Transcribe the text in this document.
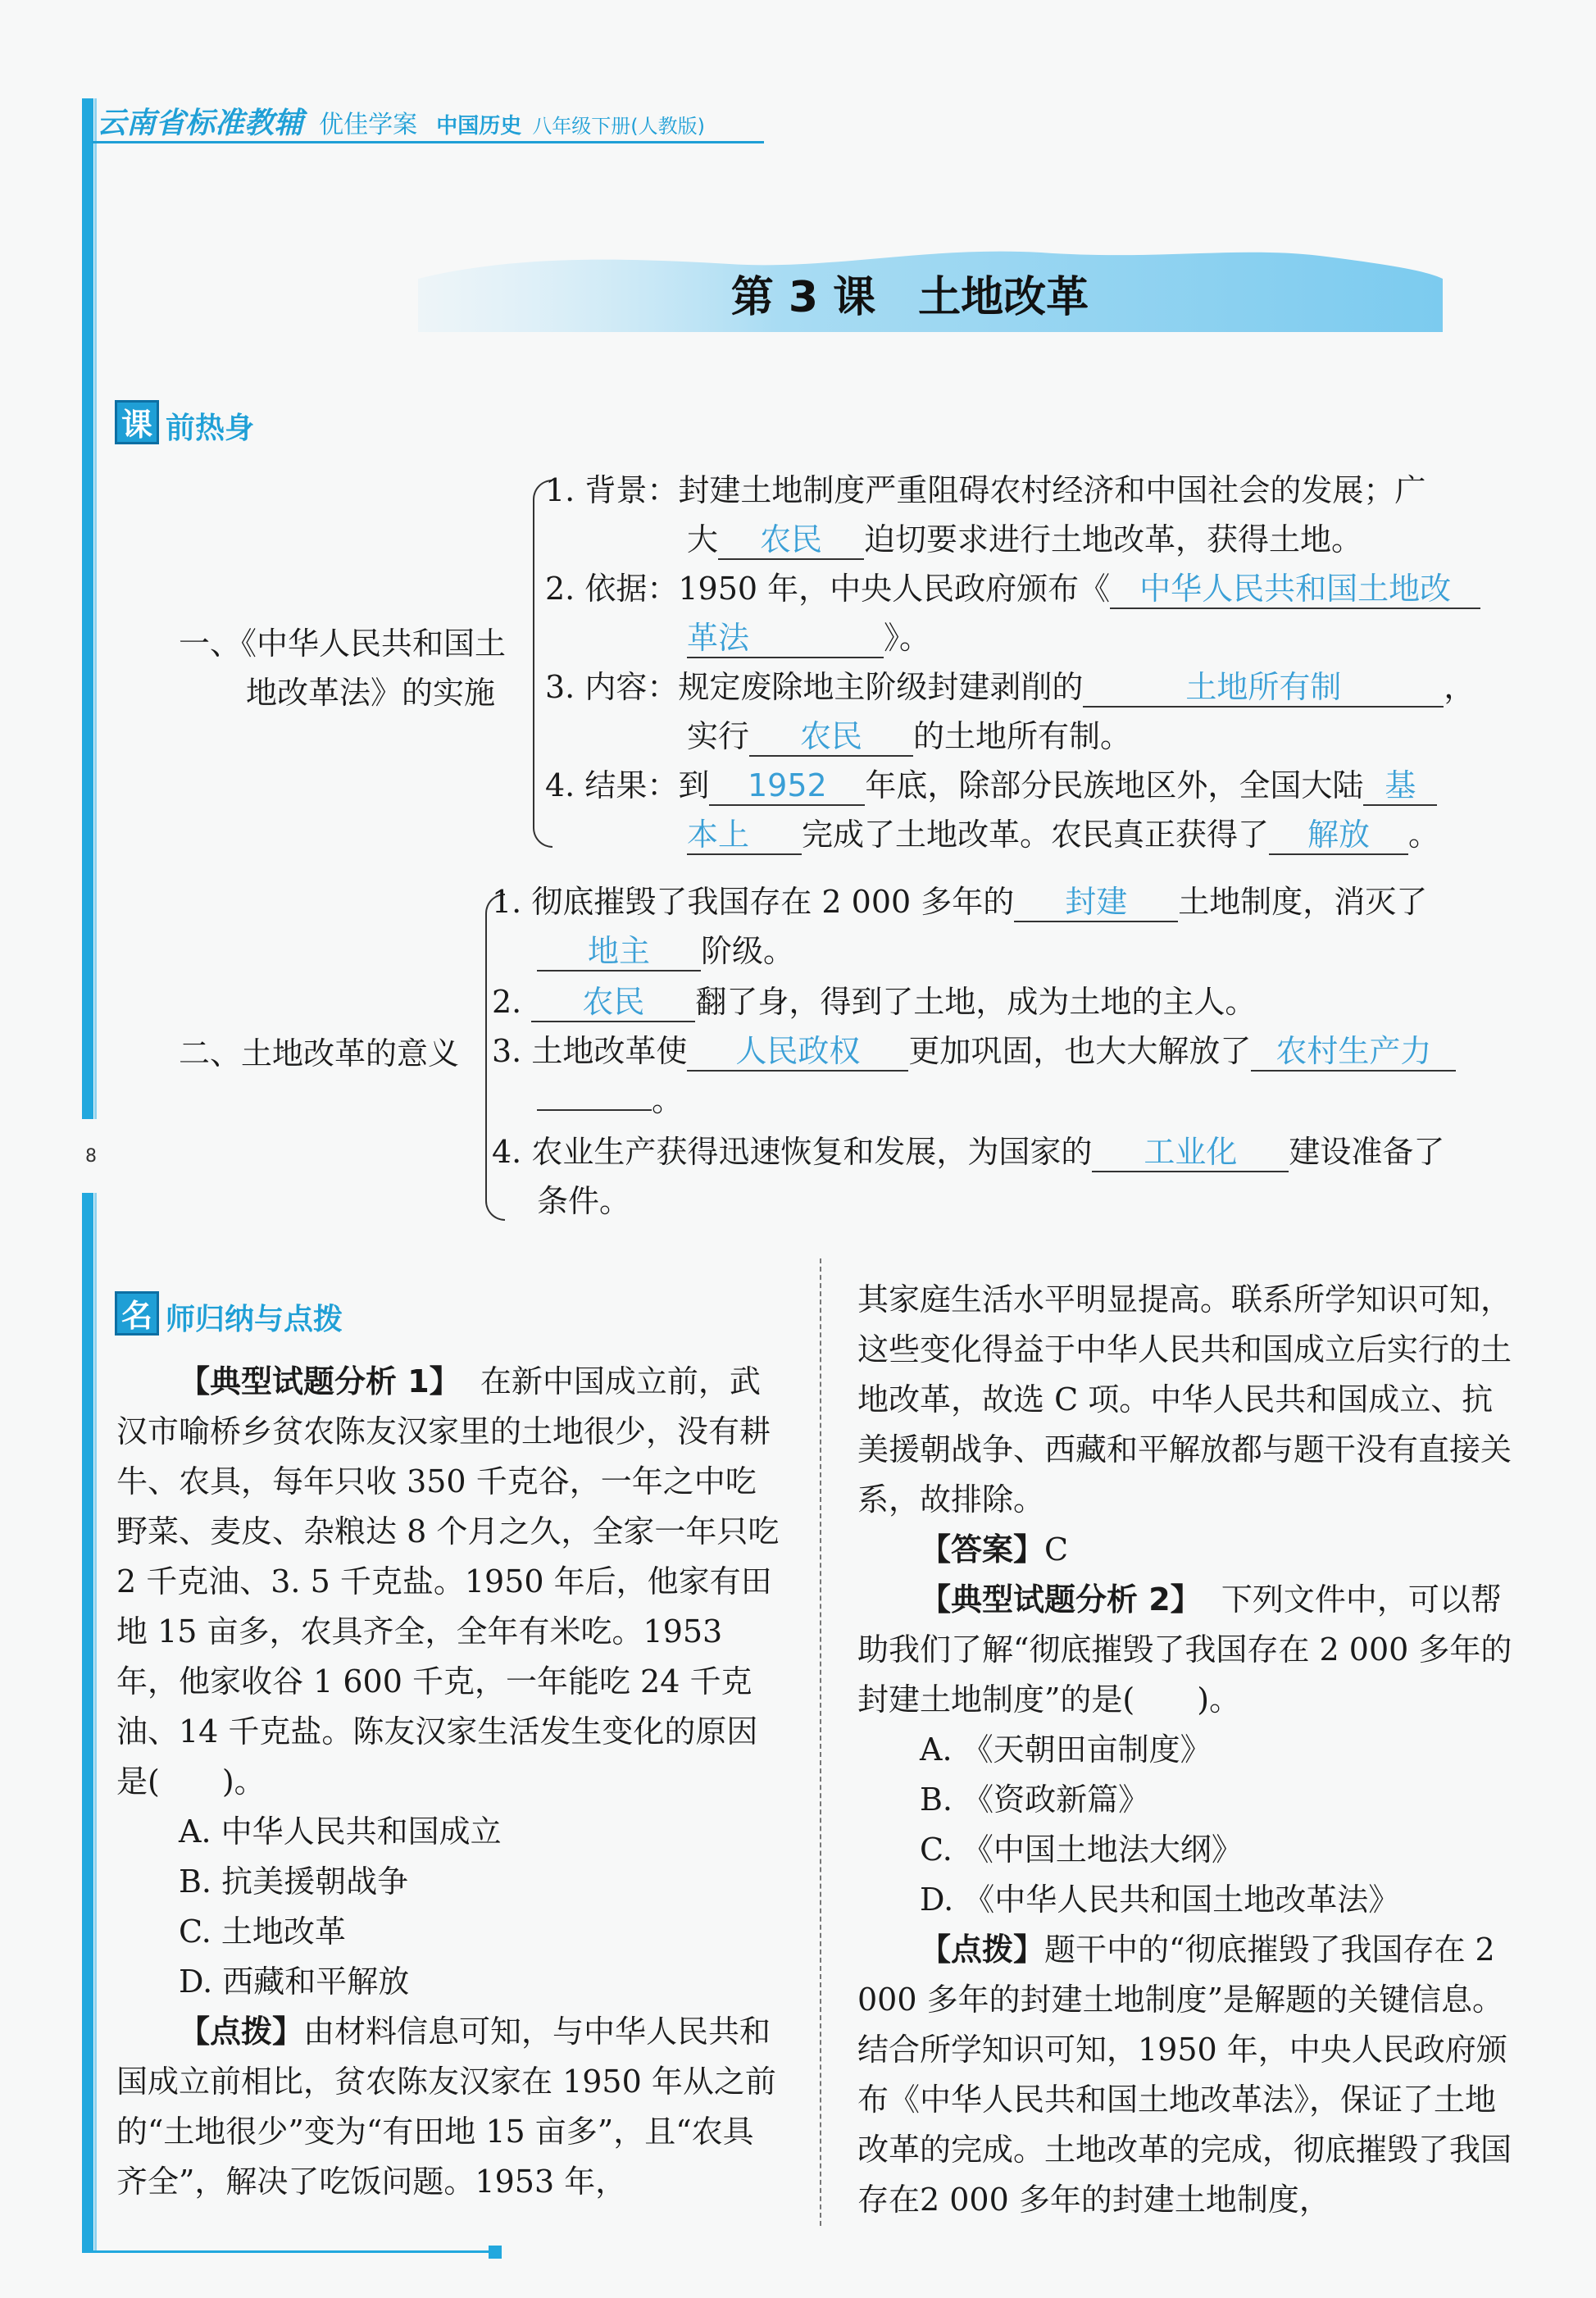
8
云南省标准教辅 优佳学案 中国历史 八年级下册(人教版)
第 3 课　土地改革
课 前热身
一、《中华人民共和国土
地改革法》的实施
1. 背景：封建土地制度严重阻碍农村经济和中国社会的发展；广
大 农民 迫切要求进行土地改革，获得土地。
2. 依据：1950 年，中央人民政府颁布《 中华人民共和国土地改
革法	》。
3. 内容：规定废除地主阶级封建剥削的	土地所有制	，
实行 农民 的土地所有制。
4. 结果：到 1952 年底，除部分民族地区外，全国大陆 基
本上 完成了土地改革。农民真正获得了 解放 。
二、土地改革的意义
1. 彻底摧毁了我国存在 2 000 多年的 封建 土地制度，消灭了
地主 阶级。
2. 农民 翻了身，得到了土地，成为土地的主人。
3. 土地改革使 人民政权 更加巩固，也大大解放了 农村生产力
。
4. 农业生产获得迅速恢复和发展，为国家的 工业化 建设准备了
条件。
名 师归纳与点拨

【典型试题分析 1】 在新中国成立前，武汉市喻桥乡贫农陈友汉家里的土地很少，没有耕牛、农具，每年只收 350 千克谷，一年之中吃野菜、麦皮、杂粮达 8 个月之久，全家一年只吃 2 千克油、3. 5 千克盐。1950 年后，他家有田地 15 亩多，农具齐全，全年有米吃。1953 年，他家收谷 1 600 千克，一年能吃 24 千克油、14 千克盐。陈友汉家生活发生变化的原因是(　　)。

A. 中华人民共和国成立

B. 抗美援朝战争

C. 土地改革

D. 西藏和平解放

【点拨】由材料信息可知，与中华人民共和国成立前相比，贫农陈友汉家在 1950 年从之前的“土地很少”变为“有田地 15 亩多”，且“农具齐全”，解决了吃饭问题。1953 年，

其家庭生活水平明显提高。联系所学知识可知，这些变化得益于中华人民共和国成立后实行的土地改革，故选 C 项。中华人民共和国成立、抗美援朝战争、西藏和平解放都与题干没有直接关系，故排除。

【答案】C

【典型试题分析 2】 下列文件中，可以帮助我们了解“彻底摧毁了我国存在 2 000 多年的封建土地制度”的是(　　)。

A. 《天朝田亩制度》

B. 《资政新篇》

C. 《中国土地法大纲》

D. 《中华人民共和国土地改革法》

【点拨】题干中的“彻底摧毁了我国存在 2 000 多年的封建土地制度”是解题的关键信息。结合所学知识可知，1950 年，中央人民政府颁布《中华人民共和国土地改革法》，保证了土地改革的完成。土地改革的完成，彻底摧毁了我国存在2 000 多年的封建土地制度，
